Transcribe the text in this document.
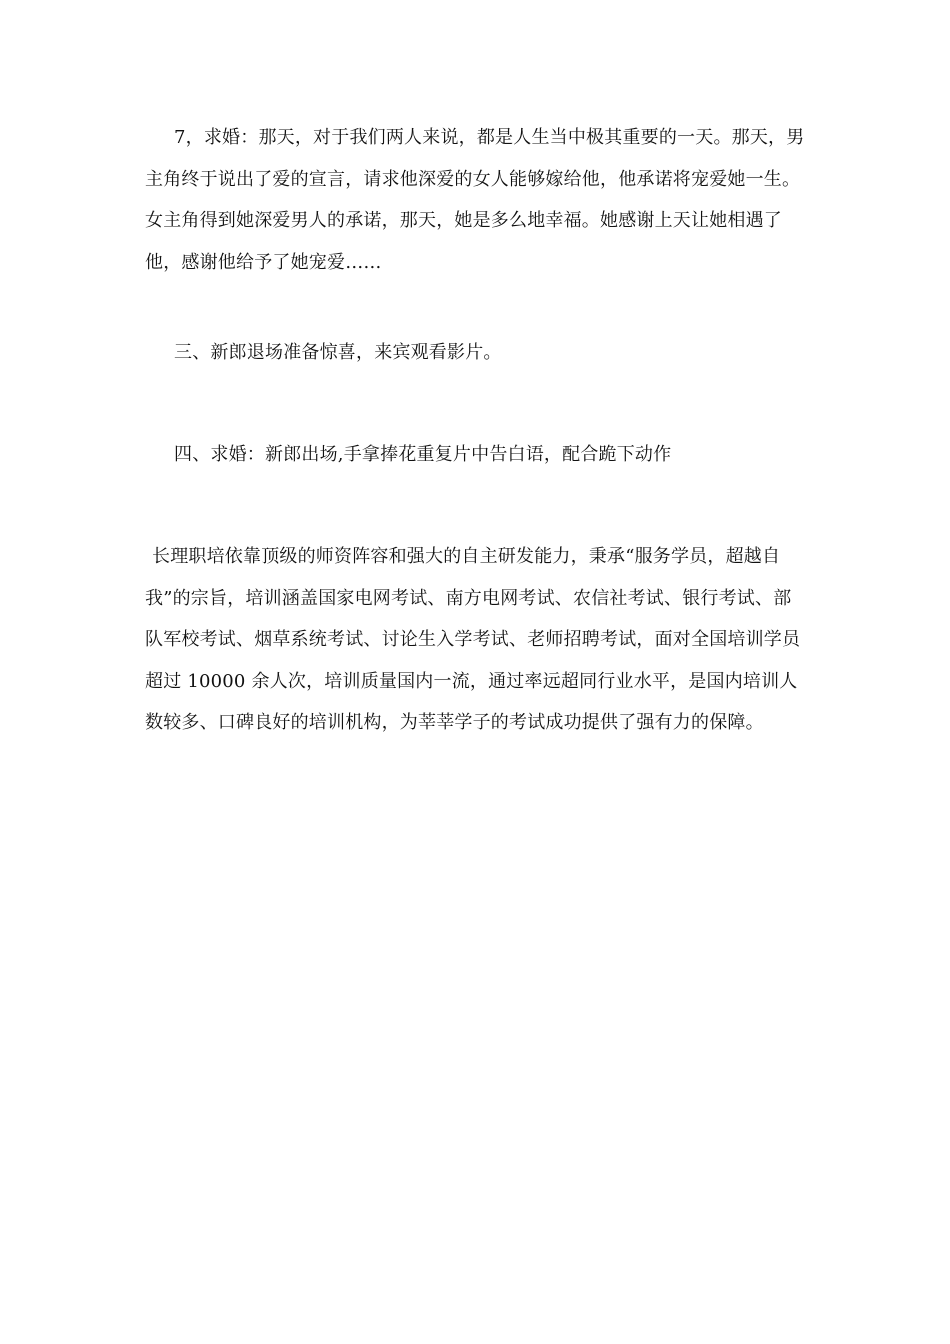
7，求婚：那天，对于我们两人来说，都是人生当中极其重要的一天。那天，男主角终于说出了爱的宣言，请求他深爱的女人能够嫁给他，他承诺将宠爱她一生。女主角得到她深爱男人的承诺，那天，她是多么地幸福。她感谢上天让她相遇了他，感谢他给予了她宠爱……

三、新郎退场准备惊喜，来宾观看影片。

四、求婚：新郎出场,手拿捧花重复片中告白语，配合跪下动作

长理职培依靠顶级的师资阵容和强大的自主研发能力，秉承“服务学员，超越自我”的宗旨，培训涵盖国家电网考试、南方电网考试、农信社考试、银行考试、部队军校考试、烟草系统考试、讨论生入学考试、老师招聘考试，面对全国培训学员超过 10000 余人次，培训质量国内一流，通过率远超同行业水平，是国内培训人数较多、口碑良好的培训机构，为莘莘学子的考试成功提供了强有力的保障。
